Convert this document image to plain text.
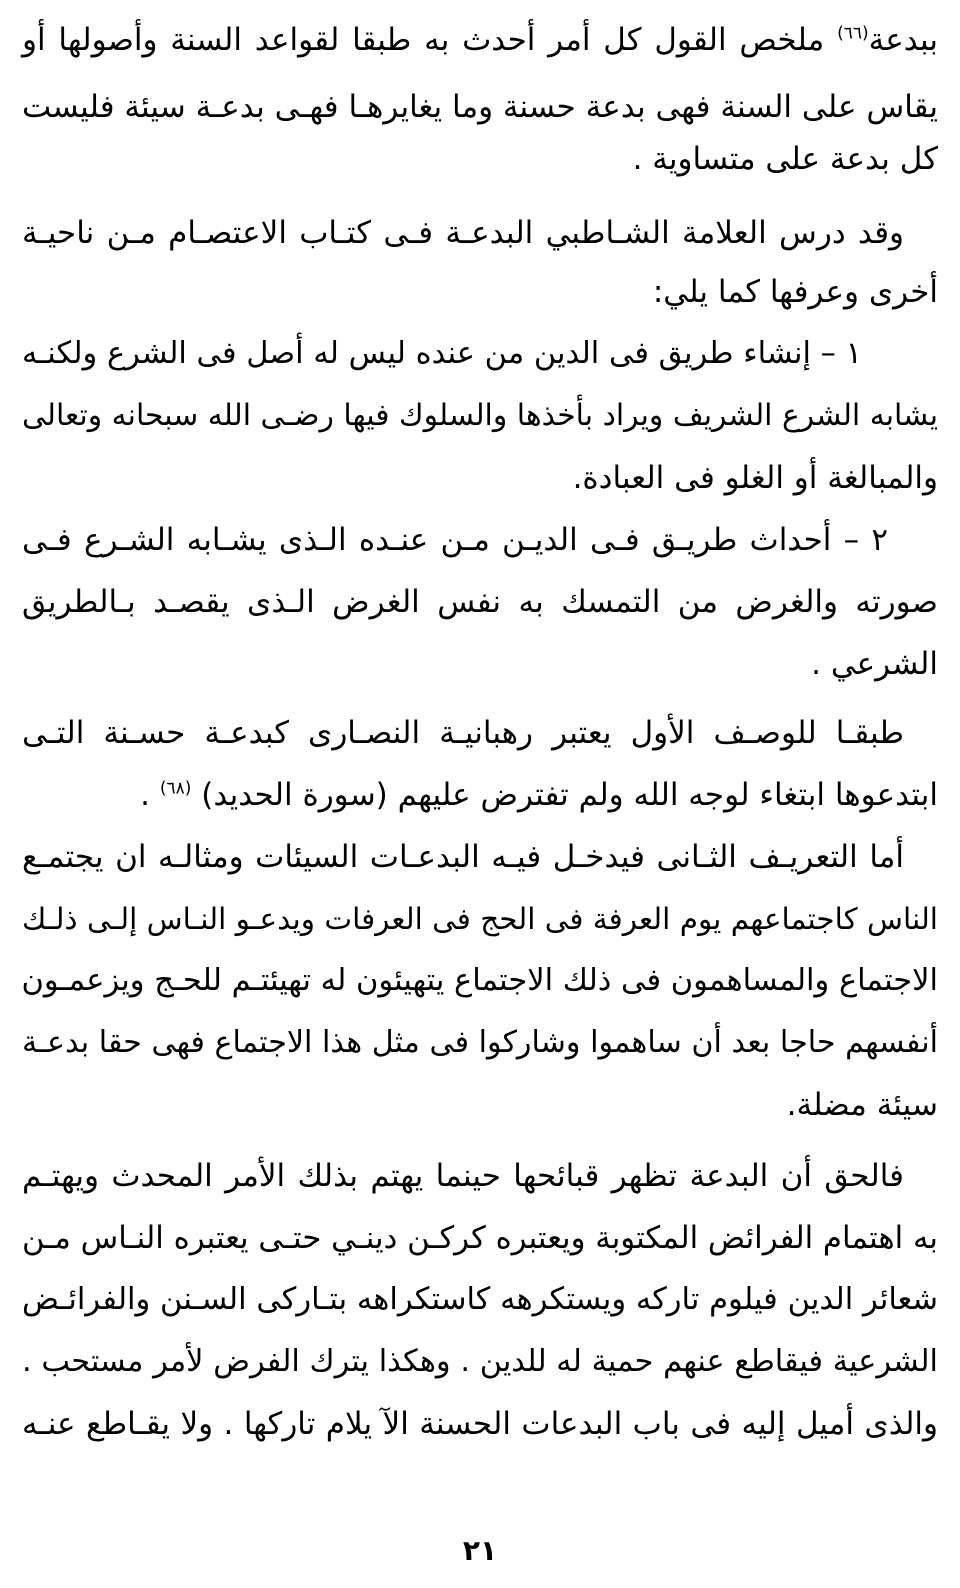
ببدعة$^{(٦٦)}$ ملخص القول كل أمر أحدث به طبقا لقواعد السنة وأصولها أو
يقاس على السنة فهى بدعة حسنة وما يغايرهـا فهـى بدعـة سيئة فليست
كل بدعة على متساوية .
وقد درس العلامة الشـاطبي البدعـة فـى كتـاب الاعتصـام مـن ناحيـة
أخرى وعرفها كما يلي:
١ – إنشاء طريق فى الدين من عنده ليس له أصل فى الشرع ولكنـه
يشابه الشرع الشريف ويراد بأخذها والسلوك فيها رضـى الله سبحانه وتعالى
والمبالغة أو الغلو فى العبادة.
٢ – أحداث طريـق فـى الديـن مـن عنـده الـذى يشـابه الشـرع فـى
صورته والغرض من التمسك به نفس الغرض الـذى يقصـد بـالطريق
الشرعي .
طبقـا للوصـف الأول يعتبر رهبانيـة النصـارى كبدعـة حسـنة التـى
ابتدعوها ابتغاء لوجه الله ولم تفترض عليهم (سورة الحديد) $^{(٦٨)}$ .
أما التعريـف الثـانى فيدخـل فيـه البدعـات السيئات ومثالـه ان يجتمـع
الناس كاجتماعهم يوم العرفة فى الحج فى العرفات ويدعـو النـاس إلـى ذلـك
الاجتماع والمساهمون فى ذلك الاجتماع يتهيئون له تهيئتـم للحـج ويزعمـون
أنفسهم حاجا بعد أن ساهموا وشاركوا فى مثل هذا الاجتماع فهى حقا بدعـة
سيئة مضلة.
فالحق أن البدعة تظهر قبائحها حينما يهتم بذلك الأمر المحدث ويهتـم
به اهتمام الفرائض المكتوبة ويعتبره كركـن دينـي حتـى يعتبره النـاس مـن
شعائر الدين فيلوم تاركه ويستكرهه كاستكراهه بتـاركى السـنن والفرائـض
الشرعية فيقاطع عنهم حمية له للدين . وهكذا يترك الفرض لأمر مستحب .
والذى أميل إليه فى باب البدعات الحسنة الآ يلام تاركها . ولا يقـاطع عنـه
٢١
